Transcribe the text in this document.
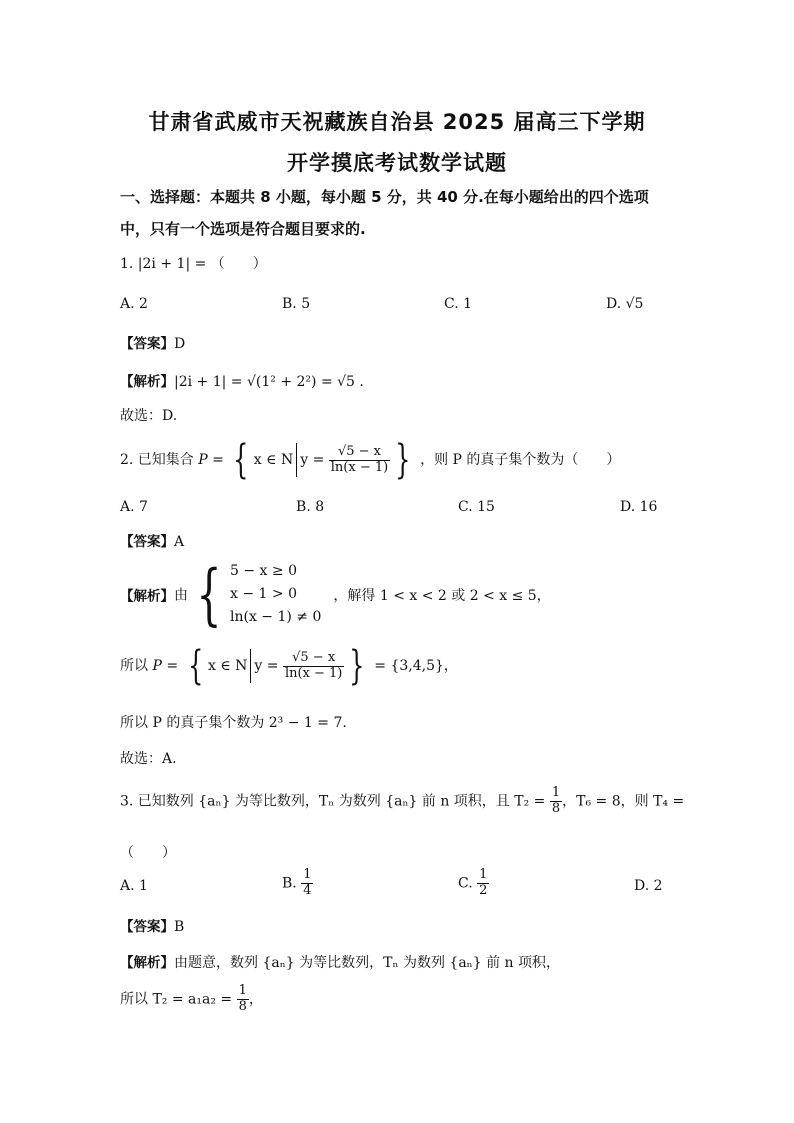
甘肃省武威市天祝藏族自治县 2025 届高三下学期
开学摸底考试数学试题
一、选择题：本题共 8 小题，每小题 5 分，共 40 分.在每小题给出的四个选项
中，只有一个选项是符合题目要求的.
1. |2i + 1| = （　　）
A. 2	B. 5	C. 1	D. √5
【答案】D
【解析】|2i + 1| = √(1² + 2²) = √5 .
故选：D.
2. 已知集合 P = { x ∈ N $y = \frac{√5 - x}{\ln(x - 1)}$ } ，则 P 的真子集个数为（　　）
A. 7	B. 8	C. 15	D. 16
【答案】A
【解析】由 { 5 − x ≥ 0
x − 1 > 0
ln(x − 1) ≠ 0
，解得 1 < x < 2 或 2 < x ≤ 5，
所以 P = { x ∈ N $y = \frac{√5 - x}{\ln(x - 1)}$ } = {3,4,5}，
所以 P 的真子集个数为 2³ − 1 = 7.
故选：A.
3. 已知数列 {aₙ} 为等比数列，Tₙ 为数列 {aₙ} 前 n 项积，且 $T_2 = \frac{1}{8}$ ，T₆ = 8，则 T₄ =
（　　）
A. 1	B. $\frac{1}{4}$	C. $\frac{1}{2}$	D. 2
【答案】B
【解析】由题意，数列 {aₙ} 为等比数列，Tₙ 为数列 {aₙ} 前 n 项积，
所以 $T_2 = a_1a_2 = \frac{1}{8}$ ，
